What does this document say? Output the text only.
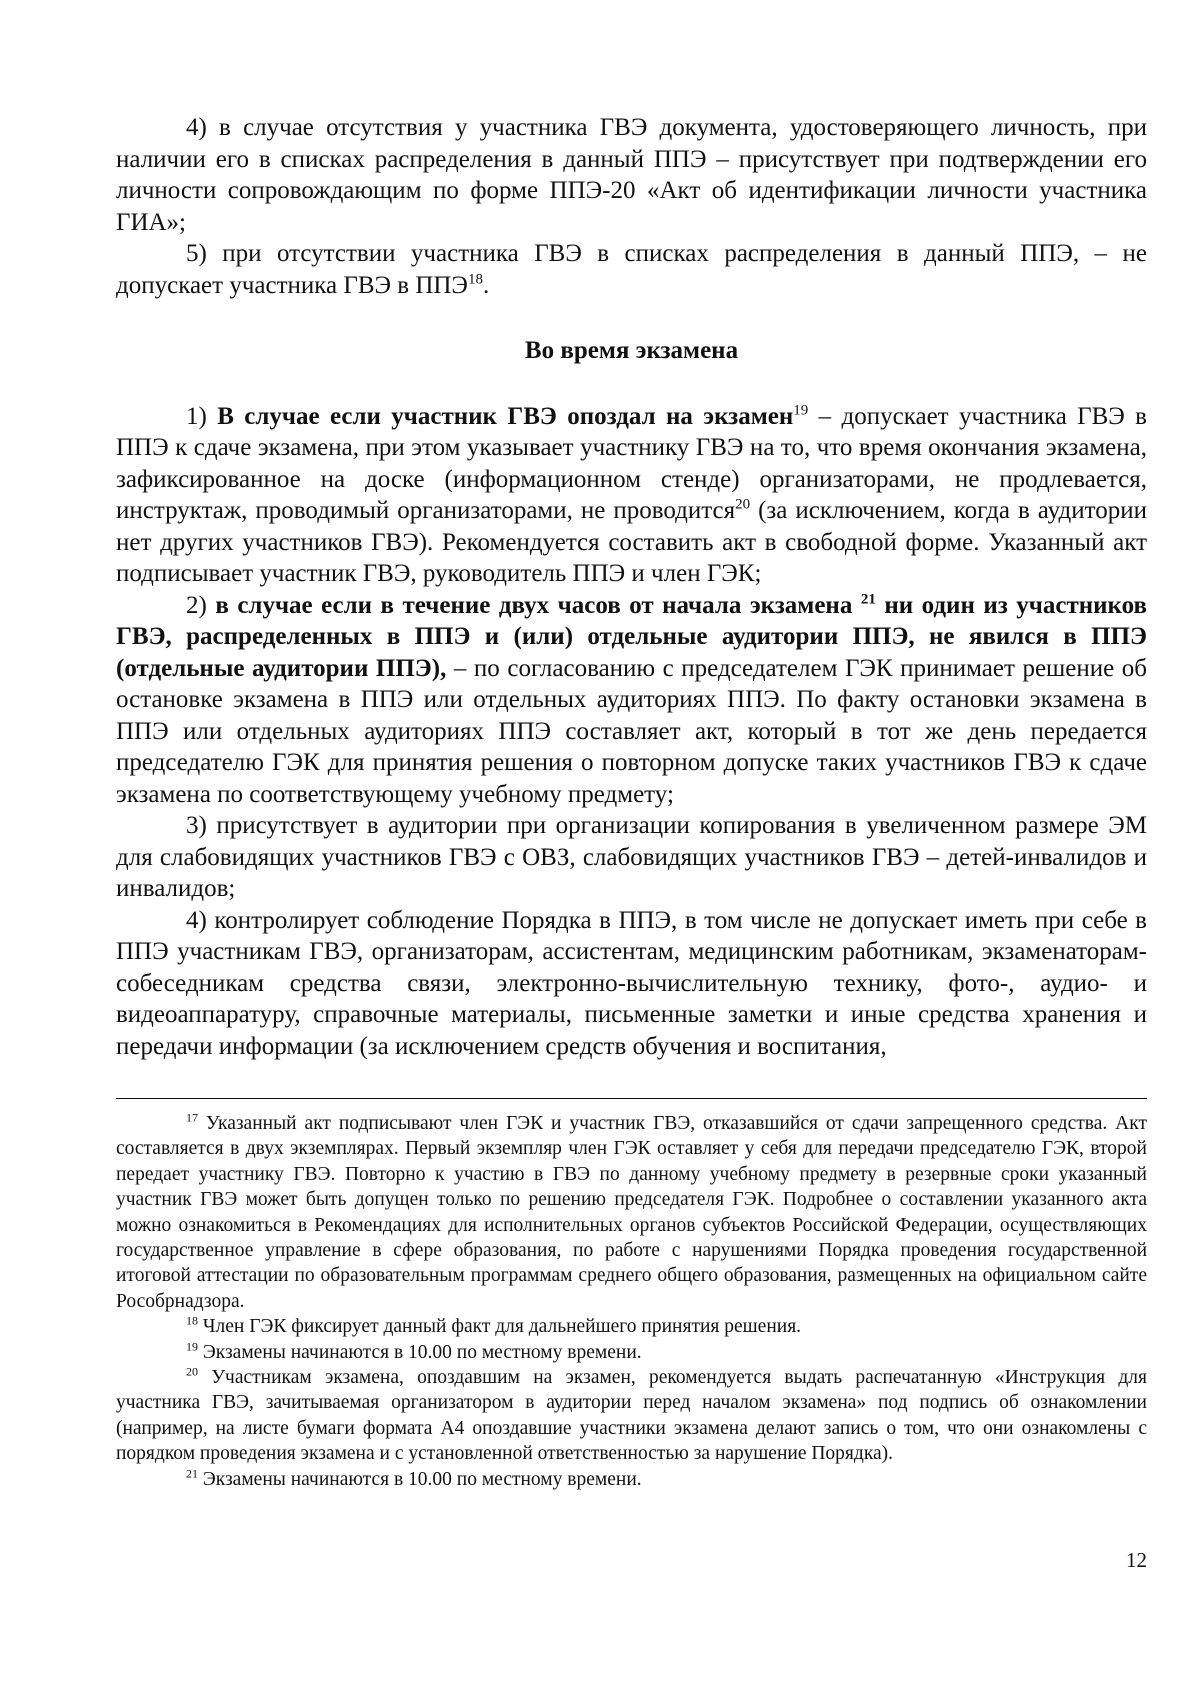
4) в случае отсутствия у участника ГВЭ документа, удостоверяющего личность, при наличии его в списках распределения в данный ППЭ – присутствует при подтверждении его личности сопровождающим по форме ППЭ-20 «Акт об идентификации личности участника ГИА»;

5) при отсутствии участника ГВЭ в списках распределения в данный ППЭ, – не допускает участника ГВЭ в ППЭ$^{18}$.

Во время экзамена

1) В случае если участник ГВЭ опоздал на экзамен$^{19}$ – допускает участника ГВЭ в ППЭ к сдаче экзамена, при этом указывает участнику ГВЭ на то, что время окончания экзамена, зафиксированное на доске (информационном стенде) организаторами, не продлевается, инструктаж, проводимый организаторами, не проводится$^{20}$ (за исключением, когда в аудитории нет других участников ГВЭ). Рекомендуется составить акт в свободной форме. Указанный акт подписывает участник ГВЭ, руководитель ППЭ и член ГЭК;

2) в случае если в течение двух часов от начала экзамена $^{21}$ ни один из участников ГВЭ, распределенных в ППЭ и (или) отдельные аудитории ППЭ, не явился в ППЭ (отдельные аудитории ППЭ), – по согласованию с председателем ГЭК принимает решение об остановке экзамена в ППЭ или отдельных аудиториях ППЭ. По факту остановки экзамена в ППЭ или отдельных аудиториях ППЭ составляет акт, который в тот же день передается председателю ГЭК для принятия решения о повторном допуске таких участников ГВЭ к сдаче экзамена по соответствующему учебному предмету;

3) присутствует в аудитории при организации копирования в увеличенном размере ЭМ для слабовидящих участников ГВЭ с ОВЗ, слабовидящих участников ГВЭ – детей-инвалидов и инвалидов;

4) контролирует соблюдение Порядка в ППЭ, в том числе не допускает иметь при себе в ППЭ участникам ГВЭ, организаторам, ассистентам, медицинским работникам, экзаменаторам-собеседникам средства связи, электронно-вычислительную технику, фото-, аудио- и видеоаппаратуру, справочные материалы, письменные заметки и иные средства хранения и передачи информации (за исключением средств обучения и воспитания,

$^{17}$ Указанный акт подписывают член ГЭК и участник ГВЭ, отказавшийся от сдачи запрещенного средства. Акт составляется в двух экземплярах. Первый экземпляр член ГЭК оставляет у себя для передачи председателю ГЭК, второй передает участнику ГВЭ. Повторно к участию в ГВЭ по данному учебному предмету в резервные сроки указанный участник ГВЭ может быть допущен только по решению председателя ГЭК. Подробнее о составлении указанного акта можно ознакомиться в Рекомендациях для исполнительных органов субъектов Российской Федерации, осуществляющих государственное управление в сфере образования, по работе с нарушениями Порядка проведения государственной итоговой аттестации по образовательным программам среднего общего образования, размещенных на официальном сайте Рособрнадзора.

$^{18}$ Член ГЭК фиксирует данный факт для дальнейшего принятия решения.

$^{19}$ Экзамены начинаются в 10.00 по местному времени.

$^{20}$ Участникам экзамена, опоздавшим на экзамен, рекомендуется выдать распечатанную «Инструкция для участника ГВЭ, зачитываемая организатором в аудитории перед началом экзамена» под подпись об ознакомлении (например, на листе бумаги формата А4 опоздавшие участники экзамена делают запись о том, что они ознакомлены с порядком проведения экзамена и с установленной ответственностью за нарушение Порядка).

$^{21}$ Экзамены начинаются в 10.00 по местному времени.

12
